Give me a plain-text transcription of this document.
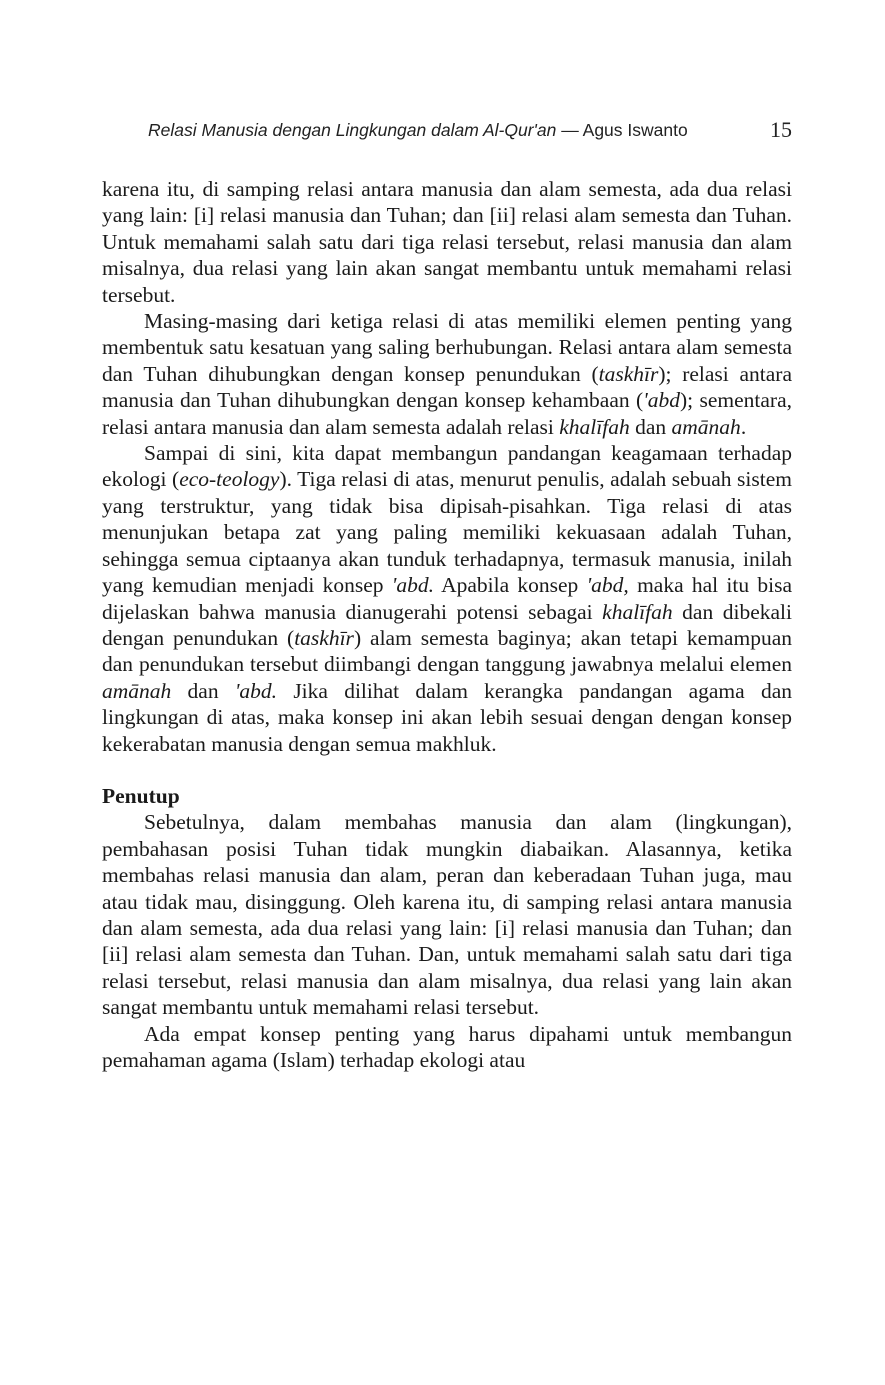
Relasi Manusia dengan Lingkungan dalam Al-Qur'an — Agus Iswanto	15

karena itu, di samping relasi antara manusia dan alam semesta, ada dua relasi yang lain: [i] relasi manusia dan Tuhan; dan [ii] relasi alam semesta dan Tuhan. Untuk memahami salah satu dari tiga relasi tersebut, relasi manusia dan alam misalnya, dua relasi yang lain akan sangat membantu untuk memahami relasi tersebut.

Masing-masing dari ketiga relasi di atas memiliki elemen penting yang membentuk satu kesatuan yang saling berhubungan. Relasi antara alam semesta dan Tuhan dihubungkan dengan konsep penundukan (taskhīr); relasi antara manusia dan Tuhan dihubungkan dengan konsep kehambaan ('abd); sementara, relasi antara manusia dan alam semesta adalah relasi khalīfah dan amānah.

Sampai di sini, kita dapat membangun pandangan keagamaan terhadap ekologi (eco-teology). Tiga relasi di atas, menurut penulis, adalah sebuah sistem yang terstruktur, yang tidak bisa dipisah-pisahkan. Tiga relasi di atas menunjukan betapa zat yang paling memiliki kekuasaan adalah Tuhan, sehingga semua ciptaanya akan tunduk terhadapnya, termasuk manusia, inilah yang kemudian menjadi konsep 'abd. Apabila konsep 'abd, maka hal itu bisa dijelaskan bahwa manusia dianugerahi potensi sebagai khalīfah dan dibekali dengan penundukan (taskhīr) alam semesta baginya; akan tetapi kemampuan dan penundukan tersebut diimbangi dengan tanggung jawabnya melalui elemen amānah dan 'abd. Jika dilihat dalam kerangka pandangan agama dan lingkungan di atas, maka konsep ini akan lebih sesuai dengan dengan konsep kekerabatan manusia dengan semua makhluk.

Penutup

Sebetulnya, dalam membahas manusia dan alam (lingkungan), pembahasan posisi Tuhan tidak mungkin diabaikan. Alasannya, ketika membahas relasi manusia dan alam, peran dan keberadaan Tuhan juga, mau atau tidak mau, disinggung. Oleh karena itu, di samping relasi antara manusia dan alam semesta, ada dua relasi yang lain: [i] relasi manusia dan Tuhan; dan [ii] relasi alam semesta dan Tuhan. Dan, untuk memahami salah satu dari tiga relasi tersebut, relasi manusia dan alam misalnya, dua relasi yang lain akan sangat membantu untuk memahami relasi tersebut.

Ada empat konsep penting yang harus dipahami untuk membangun pemahaman agama (Islam) terhadap ekologi atau
